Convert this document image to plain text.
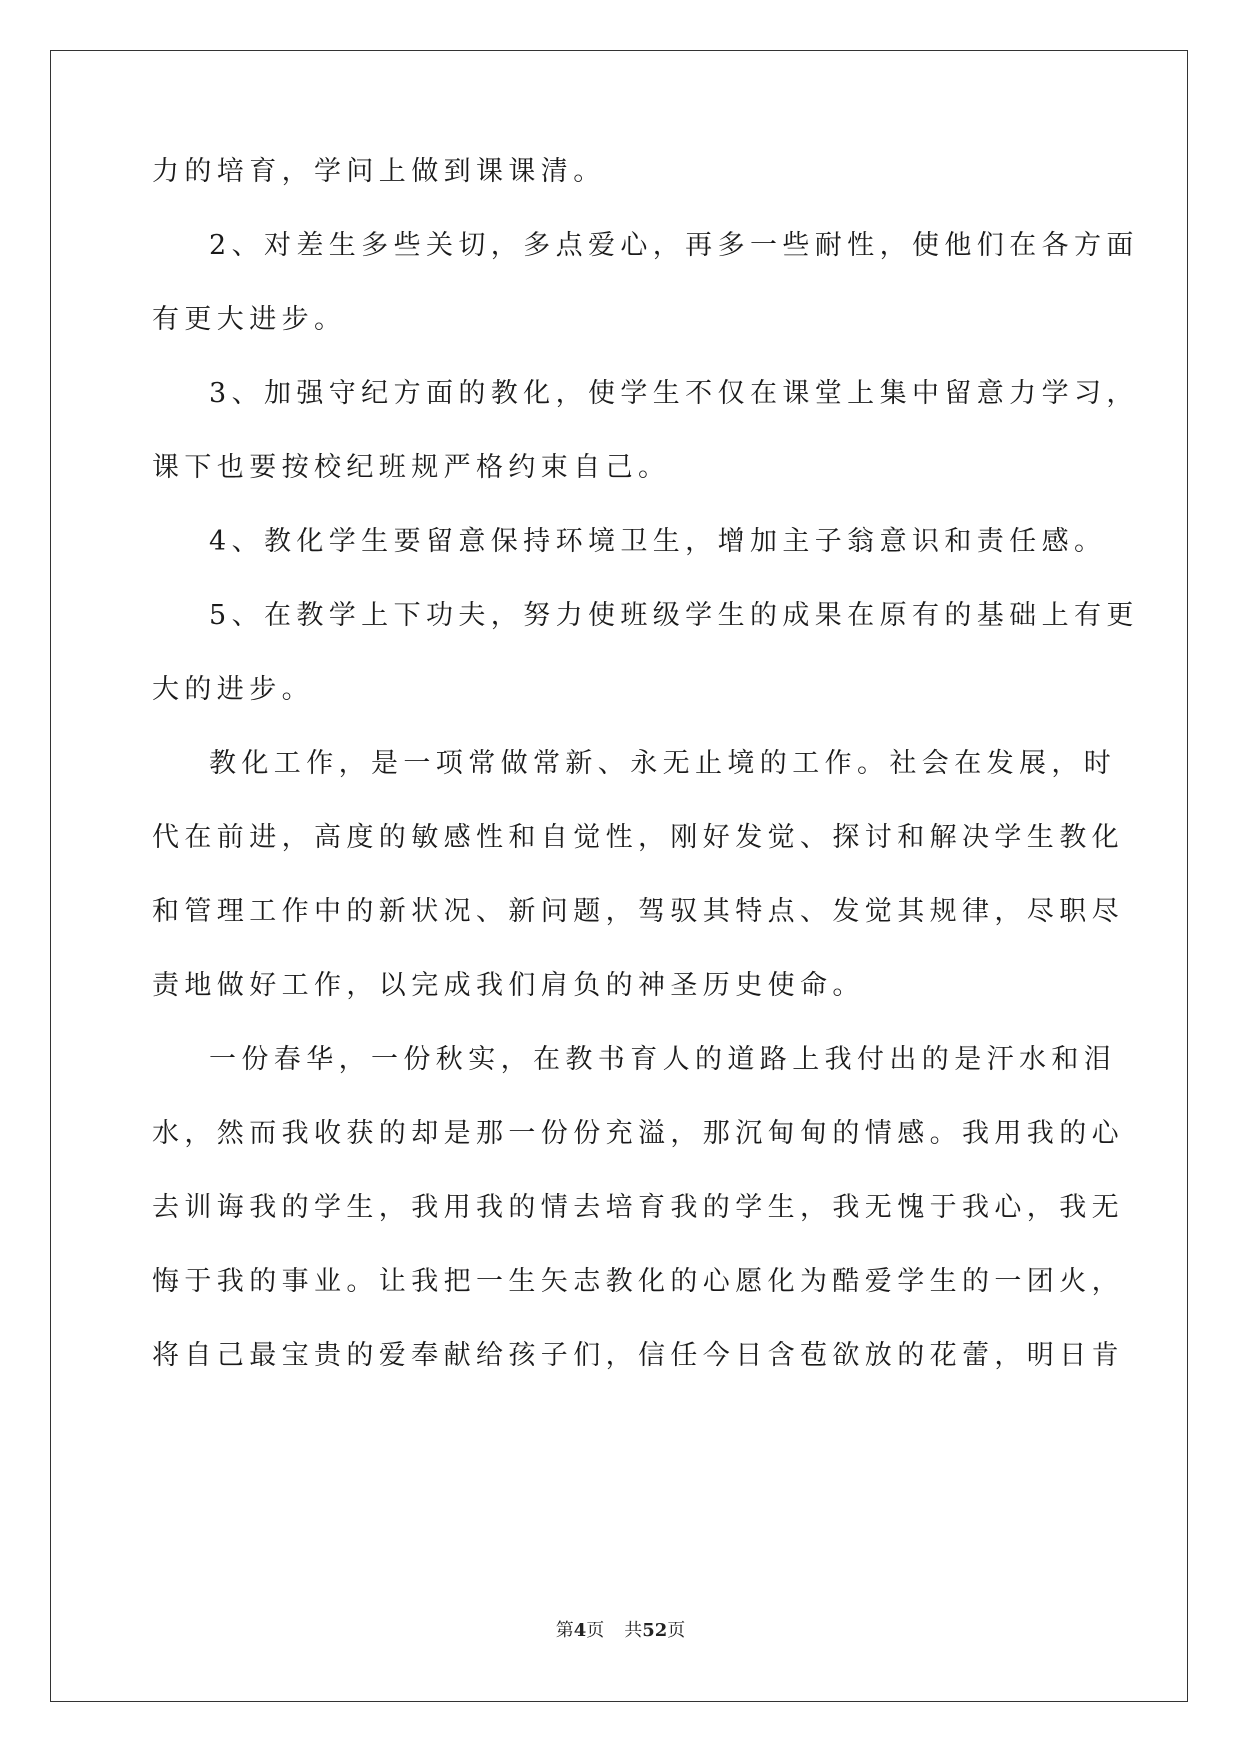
力的培育，学问上做到课课清。
2、对差生多些关切，多点爱心，再多一些耐性，使他们在各方面
有更大进步。
3、加强守纪方面的教化，使学生不仅在课堂上集中留意力学习，
课下也要按校纪班规严格约束自己。
4、教化学生要留意保持环境卫生，增加主子翁意识和责任感。
5、在教学上下功夫，努力使班级学生的成果在原有的基础上有更
大的进步。
教化工作，是一项常做常新、永无止境的工作。社会在发展，时
代在前进，高度的敏感性和自觉性，刚好发觉、探讨和解决学生教化
和管理工作中的新状况、新问题，驾驭其特点、发觉其规律，尽职尽
责地做好工作，以完成我们肩负的神圣历史使命。
一份春华，一份秋实，在教书育人的道路上我付出的是汗水和泪
水，然而我收获的却是那一份份充溢，那沉甸甸的情感。我用我的心
去训诲我的学生，我用我的情去培育我的学生，我无愧于我心，我无
悔于我的事业。让我把一生矢志教化的心愿化为酷爱学生的一团火，
将自己最宝贵的爱奉献给孩子们，信任今日含苞欲放的花蕾，明日肯
第4页 共52页
